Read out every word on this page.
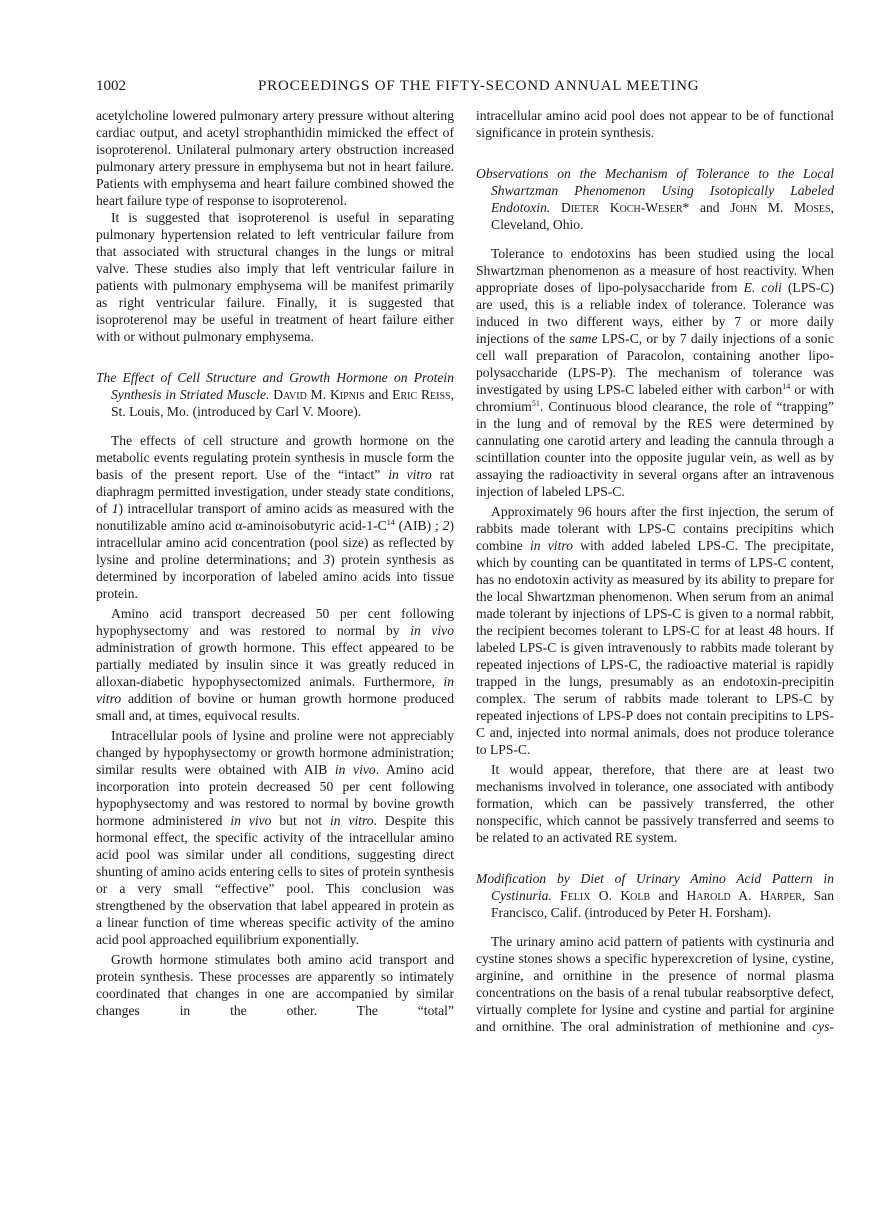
1002	PROCEEDINGS OF THE FIFTY-SECOND ANNUAL MEETING

acetylcholine lowered pulmonary artery pressure without altering cardiac output, and acetyl strophanthidin mimicked the effect of isoproterenol. Unilateral pulmonary artery obstruction increased pulmonary artery pressure in emphysema but not in heart failure. Patients with emphysema and heart failure combined showed the heart failure type of response to isoproterenol.

It is suggested that isoproterenol is useful in separating pulmonary hypertension related to left ventricular failure from that associated with structural changes in the lungs or mitral valve. These studies also imply that left ventricular failure in patients with pulmonary emphysema will be manifest primarily as right ventricular failure. Finally, it is suggested that isoproterenol may be useful in treatment of heart failure either with or without pulmonary emphysema.

The Effect of Cell Structure and Growth Hormone on Protein Synthesis in Striated Muscle. David M. Kipnis and Eric Reiss, St. Louis, Mo. (introduced by Carl V. Moore).

The effects of cell structure and growth hormone on the metabolic events regulating protein synthesis in muscle form the basis of the present report. Use of the “intact” in vitro rat diaphragm permitted investigation, under steady state conditions, of 1) intracellular transport of amino acids as measured with the nonutilizable amino acid α-aminoisobutyric acid-$1-C^{14}$ (AIB) ; 2) intracellular amino acid concentration (pool size) as reflected by lysine and proline determinations; and 3) protein synthesis as determined by incorporation of labeled amino acids into tissue protein.

Amino acid transport decreased 50 per cent following hypophysectomy and was restored to normal by in vivo administration of growth hormone. This effect appeared to be partially mediated by insulin since it was greatly reduced in alloxan-diabetic hypophysectomized animals. Furthermore, in vitro addition of bovine or human growth hormone produced small and, at times, equivocal results.

Intracellular pools of lysine and proline were not appreciably changed by hypophysectomy or growth hormone administration; similar results were obtained with AIB in vivo. Amino acid incorporation into protein decreased 50 per cent following hypophysectomy and was restored to normal by bovine growth hormone administered in vivo but not in vitro. Despite this hormonal effect, the specific activity of the intracellular amino acid pool was similar under all conditions, suggesting direct shunting of amino acids entering cells to sites of protein synthesis or a very small “effective” pool. This conclusion was strengthened by the observation that label appeared in protein as a linear function of time whereas specific activity of the amino acid pool approached equilibrium exponentially.

Growth hormone stimulates both amino acid transport and protein synthesis. These processes are apparently so intimately coordinated that changes in one are accompanied by similar changes in the other. The “total”

intracellular amino acid pool does not appear to be of functional significance in protein synthesis.

Observations on the Mechanism of Tolerance to the Local Shwartzman Phenomenon Using Isotopically Labeled Endotoxin. Dieter Koch-Weser* and John M. Moses, Cleveland, Ohio.

Tolerance to endotoxins has been studied using the local Shwartzman phenomenon as a measure of host reactivity. When appropriate doses of lipo-polysaccharide from E. coli (LPS-C) are used, this is a reliable index of tolerance. Tolerance was induced in two different ways, either by 7 or more daily injections of the same LPS-C, or by 7 daily injections of a sonic cell wall preparation of Paracolon, containing another lipo-polysaccharide (LPS-P). The mechanism of tolerance was investigated by using LPS-C labeled either with carbon$^{14}$ or with chromium$^{51}$. Continuous blood clearance, the role of “trapping” in the lung and of removal by the RES were determined by cannulating one carotid artery and leading the cannula through a scintillation counter into the opposite jugular vein, as well as by assaying the radioactivity in several organs after an intravenous injection of labeled LPS-C.

Approximately 96 hours after the first injection, the serum of rabbits made tolerant with LPS-C contains precipitins which combine in vitro with added labeled LPS-C. The precipitate, which by counting can be quantitated in terms of LPS-C content, has no endotoxin activity as measured by its ability to prepare for the local Shwartzman phenomenon. When serum from an animal made tolerant by injections of LPS-C is given to a normal rabbit, the recipient becomes tolerant to LPS-C for at least 48 hours. If labeled LPS-C is given intravenously to rabbits made tolerant by repeated injections of LPS-C, the radioactive material is rapidly trapped in the lungs, presumably as an endotoxin-precipitin complex. The serum of rabbits made tolerant to LPS-C by repeated injections of LPS-P does not contain precipitins to LPS-C and, injected into normal animals, does not produce tolerance to LPS-C.

It would appear, therefore, that there are at least two mechanisms involved in tolerance, one associated with antibody formation, which can be passively transferred, the other nonspecific, which cannot be passively transferred and seems to be related to an activated RE system.

Modification by Diet of Urinary Amino Acid Pattern in Cystinuria. Felix O. Kolb and Harold A. Harper, San Francisco, Calif. (introduced by Peter H. Forsham).

The urinary amino acid pattern of patients with cystinuria and cystine stones shows a specific hyperexcretion of lysine, cystine, arginine, and ornithine in the presence of normal plasma concentrations on the basis of a renal tubular reabsorptive defect, virtually complete for lysine and cystine and partial for arginine and ornithine. The oral administration of methionine and cys-
